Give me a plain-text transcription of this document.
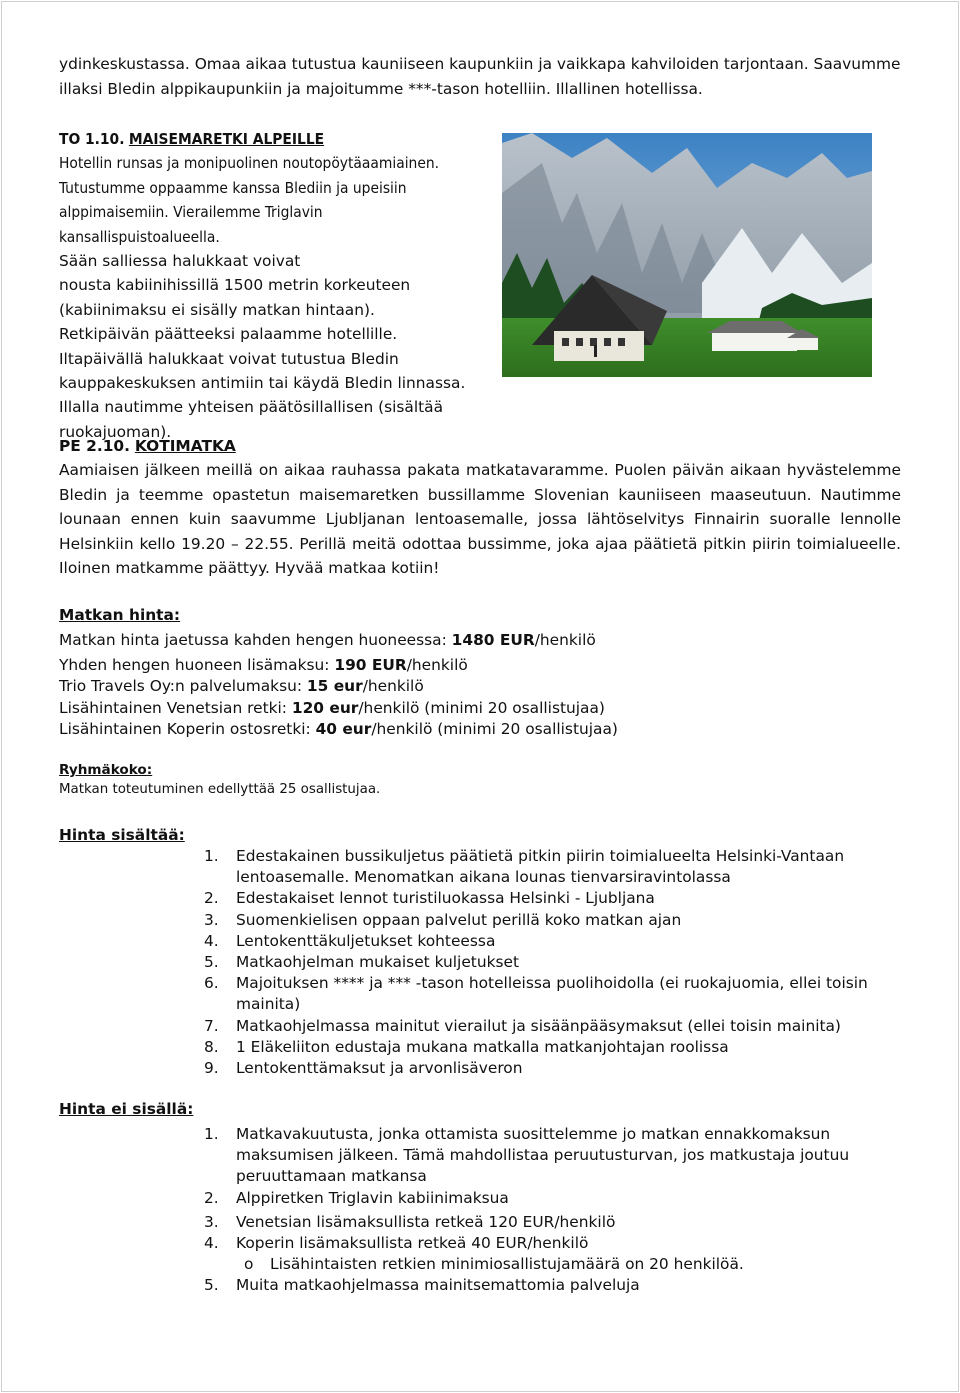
ydinkeskustassa. Omaa aikaa tutustua kauniiseen kaupunkiin ja vaikkapa kahviloiden tarjontaan. Saavumme
illaksi Bledin alppikaupunkiin ja majoitumme ***-tason hotelliin. Illallinen hotellissa.

TO 1.10. MAISEMARETKI ALPEILLE

Hotellin runsas ja monipuolinen noutopöytäaamiainen.

Tutustumme oppaamme kanssa Blediin ja upeisiin

alppimaisemiin. Vierailemme Triglavin

kansallispuistoalueella.

Sään salliessa halukkaat voivat

nousta kabiinihissillä 1500 metrin korkeuteen

(kabiinimaksu ei sisälly matkan hintaan).

Retkipäivän päätteeksi palaamme hotellille.

Iltapäivällä halukkaat voivat tutustua Bledin

kauppakeskuksen antimiin tai käydä Bledin linnassa.

Illalla nautimme yhteisen päätösillallisen (sisältää

ruokajuoman).

PE 2.10. KOTIMATKA

Aamiaisen jälkeen meillä on aikaa rauhassa pakata matkatavaramme. Puolen päivän aikaan hyvästelemme
Bledin ja teemme opastetun maisemaretken bussillamme Slovenian kauniiseen maaseutuun. Nautimme
lounaan ennen kuin saavumme Ljubljanan lentoasemalle, jossa lähtöselvitys Finnairin suoralle lennolle
Helsinkiin kello 19.20 – 22.55. Perillä meitä odottaa bussimme, joka ajaa päätietä pitkin piirin toimialueelle.
Iloinen matkamme päättyy. Hyvää matkaa kotiin!
Matkan hinta:
Matkan hinta jaetussa kahden hengen huoneessa: 1480 EUR/henkilö
Yhden hengen huoneen lisämaksu: 190 EUR/henkilö
Trio Travels Oy:n palvelumaksu: 15 eur/henkilö
Lisähintainen Venetsian retki: 120 eur/henkilö (minimi 20 osallistujaa)
Lisähintainen Koperin ostosretki: 40 eur/henkilö (minimi 20 osallistujaa)
Ryhmäkoko:
Matkan toteutuminen edellyttää 25 osallistujaa.
Hinta sisältää:
1. Edestakainen bussikuljetus päätietä pitkin piirin toimialueelta Helsinki-Vantaan
lentoasemalle. Menomatkan aikana lounas tienvarsiravintolassa
2. Edestakaiset lennot turistiluokassa Helsinki - Ljubljana
3. Suomenkielisen oppaan palvelut perillä koko matkan ajan
4. Lentokenttäkuljetukset kohteessa
5. Matkaohjelman mukaiset kuljetukset
6. Majoituksen **** ja *** -tason hotelleissa puolihoidolla (ei ruokajuomia, ellei toisin
mainita)
7. Matkaohjelmassa mainitut vierailut ja sisäänpääsymaksut (ellei toisin mainita)
8. 1 Eläkeliiton edustaja mukana matkalla matkanjohtajan roolissa
9. Lentokenttämaksut ja arvonlisäveron
Hinta ei sisällä:
1. Matkavakuutusta, jonka ottamista suosittelemme jo matkan ennakkomaksun
maksumisen jälkeen. Tämä mahdollistaa peruutusturvan, jos matkustaja joutuu
peruuttamaan matkansa
2. Alppiretken Triglavin kabiinimaksua
3. Venetsian lisämaksullista retkeä 120 EUR/henkilö
4. Koperin lisämaksullista retkeä 40 EUR/henkilö
o Lisähintaisten retkien minimiosallistujamäärä on 20 henkilöä.
5. Muita matkaohjelmassa mainitsemattomia palveluja
